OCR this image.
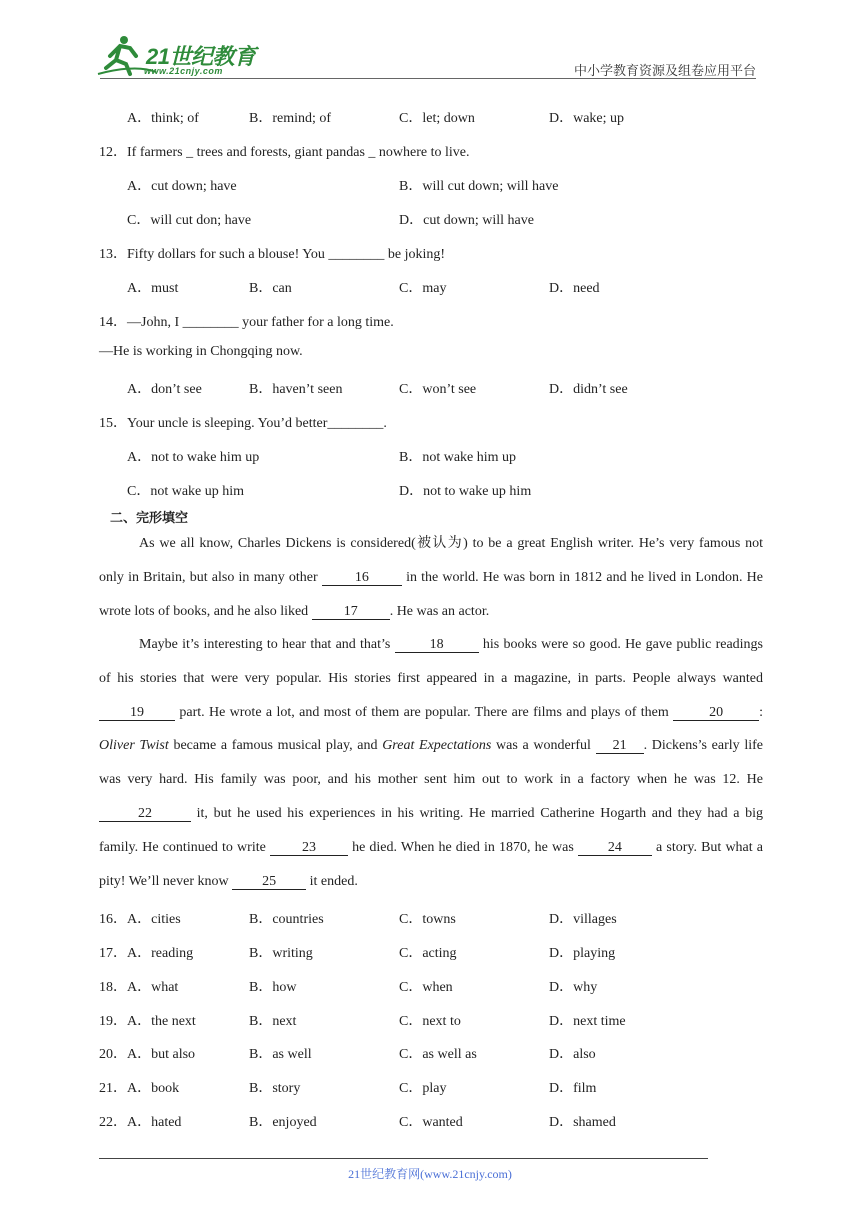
21世纪教育
www.21cnjy.com	中小学教育资源及组卷应用平台
A．think; of	B．remind; of	C．let; down	D．wake; up
12．If farmers _ trees and forests, giant pandas _ nowhere to live.
A．cut down; have	B．will cut down; will have
C．will cut don; have	D．cut down; will have
13．Fifty dollars for such a blouse! You ________ be joking!
A．must	B．can	C．may	D．need
14．—John, I ________ your father for a long time.
—He is working in Chongqing now.
A．don’t see	B．haven’t seen	C．won’t see	D．didn’t see
15．Your uncle is sleeping. You’d better________.
A．not to wake him up	B．not wake him up
C．not wake up him	D．not to wake up him
二、完形填空
As we all know, Charles Dickens is considered(被认为) to be a great English writer. He’s very famous not only in Britain, but also in many other 16 in the world. He was born in 1812 and he lived in London. He wrote lots of books, and he also liked 17 . He was an actor.
Maybe it’s interesting to hear that and that’s	18	his books were so good. He gave public readings of his stories that were very popular. His stories first appeared in a magazine, in parts. People always wanted 19 part. He wrote a lot, and most of them are popular. There are films and plays of them	20	: Oliver Twist became a famous musical play, and Great Expectations was a wonderful 21 . Dickens’s early life was very hard. His family was poor, and his mother sent him out to work in a factory when he was 12. He 22	it, but he used his experiences in his writing. He married Catherine Hogarth and they had a big family. He continued to write 23 he died. When he died in 1870, he was 24 a story. But what a pity! We’ll never know 25 it ended.
16． A．cities	B．countries	C．towns	D．villages
17． A．reading	B．writing	C．acting	D．playing
18． A．what	B．how	C．when	D．why
19． A．the next	B．next	C．next to	D．next time
20． A．but also	B．as well	C．as well as	D．also
21． A．book	B．story	C．play	D．film
22． A．hated	B．enjoyed	C．wanted	D．shamed
21世纪教育网(www.21cnjy.com)
